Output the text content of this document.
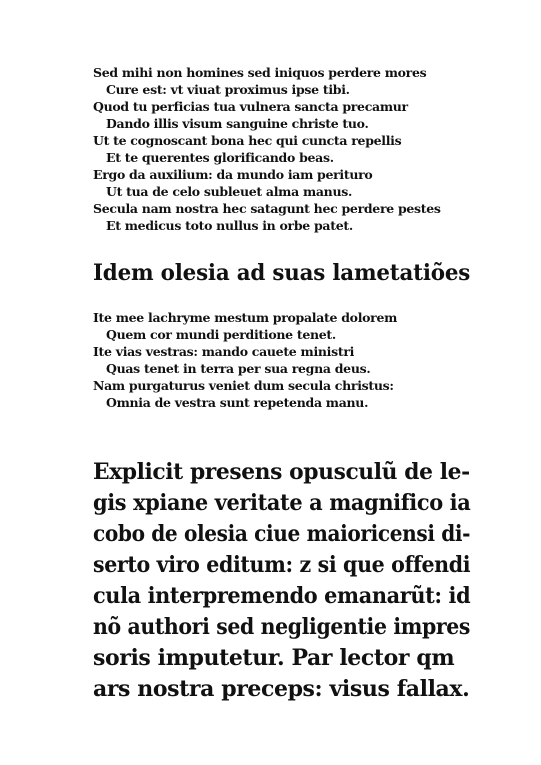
Sed mihi non homines sed iniquos perdere mores
Cure est: vt viuat proximus ipse tibi.
Quod tu perficias tua vulnera sancta precamur
Dando illis visum sanguine christe tuo.
Ut te cognoscant bona hec qui cuncta repellis
Et te querentes glorificando beas.
Ergo da auxilium: da mundo iam perituro
Ut tua de celo subleuet alma manus.
Secula nam nostra hec satagunt hec perdere pestes
Et medicus toto nullus in orbe patet.
Idem olesia ad suas lametatiões
Ite mee lachryme mestum propalate dolorem
Quem cor mundi perditione tenet.
Ite vias vestras: mando cauete ministri
Quas tenet in terra per sua regna deus.
Nam purgaturus veniet dum secula christus:
Omnia de vestra sunt repetenda manu.
Explicit presens opusculũ de le-
gis xpiane veritate a magnifico ia
cobo de olesia ciue maioricensi di-
serto viro editum: z si que offendi
cula interpremendo emanarũt: id
nõ authori sed negligentie impres
soris imputetur. Par lector qm
ars nostra preceps: visus fallax.
